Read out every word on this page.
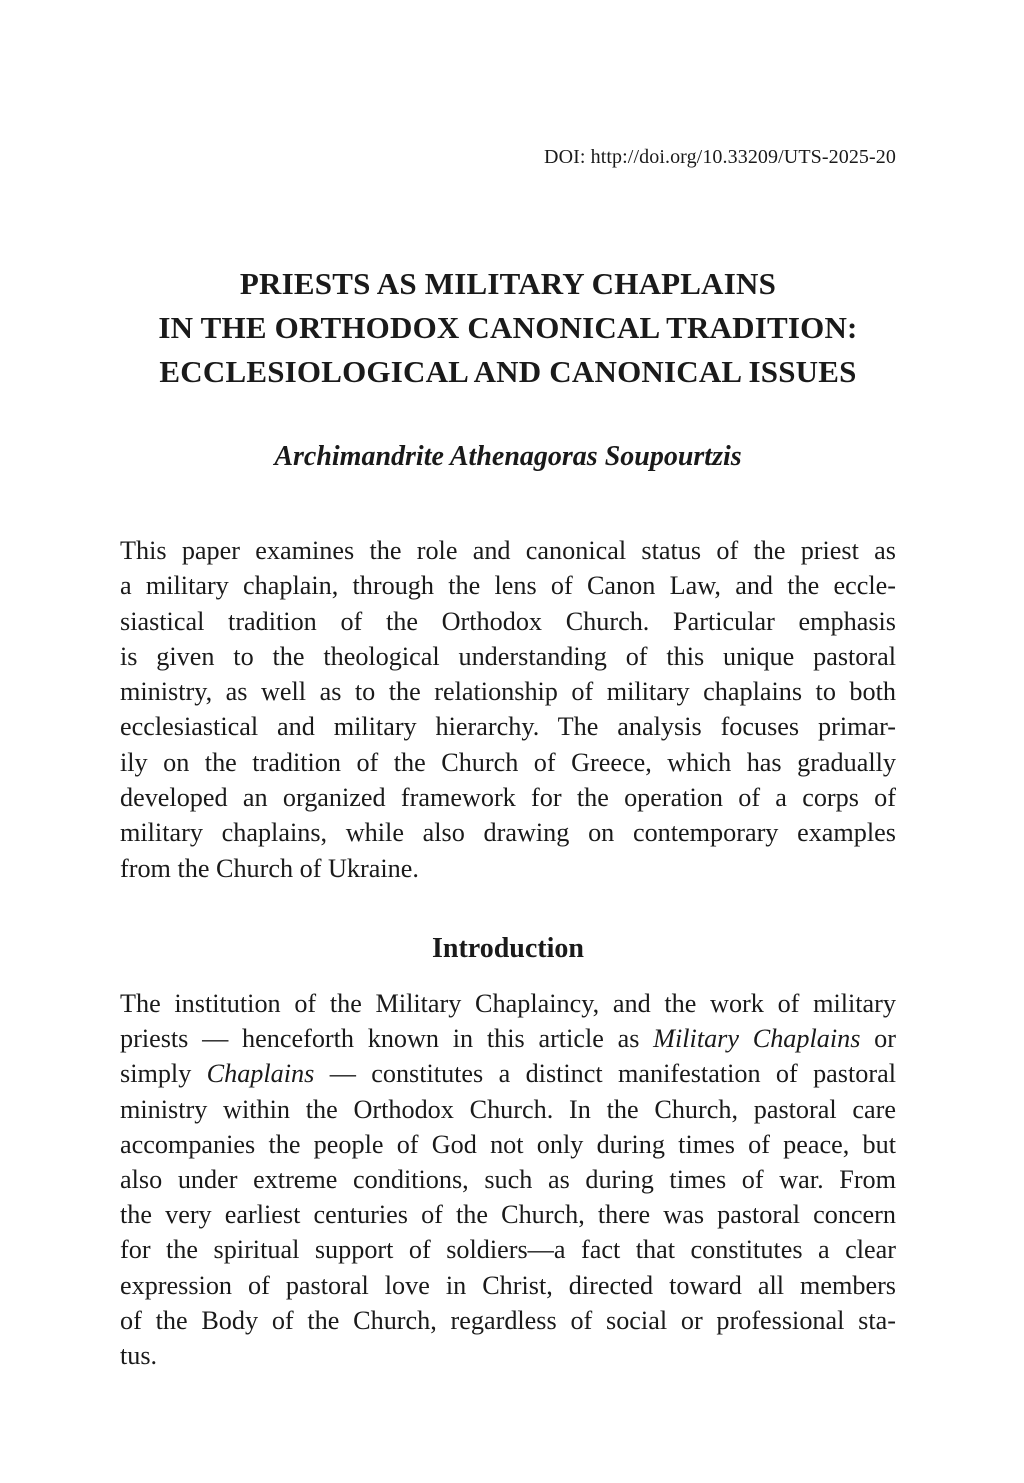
DOI: http://doi.org/10.33209/UTS-2025-20
PRIESTS AS MILITARY CHAPLAINS
IN THE ORTHODOX CANONICAL TRADITION:
ECCLESIOLOGICAL AND CANONICAL ISSUES
Archimandrite Athenagoras Soupourtzis
This paper examines the role and canonical status of the priest as
a military chaplain, through the lens of Canon Law, and the eccle-
siastical tradition of the Orthodox Church. Particular emphasis
is given to the theological understanding of this unique pastoral
ministry, as well as to the relationship of military chaplains to both
ecclesiastical and military hierarchy. The analysis focuses primar-
ily on the tradition of the Church of Greece, which has gradually
developed an organized framework for the operation of a corps of
military chaplains, while also drawing on contemporary examples
from the Church of Ukraine.
Introduction
The institution of the Military Chaplaincy, and the work of military
priests — henceforth known in this article as Military Chaplains or
simply Chaplains — constitutes a distinct manifestation of pastoral
ministry within the Orthodox Church. In the Church, pastoral care
accompanies the people of God not only during times of peace, but
also under extreme conditions, such as during times of war. From
the very earliest centuries of the Church, there was pastoral concern
for the spiritual support of soldiers—a fact that constitutes a clear
expression of pastoral love in Christ, directed toward all members
of the Body of the Church, regardless of social or professional sta-
tus.
